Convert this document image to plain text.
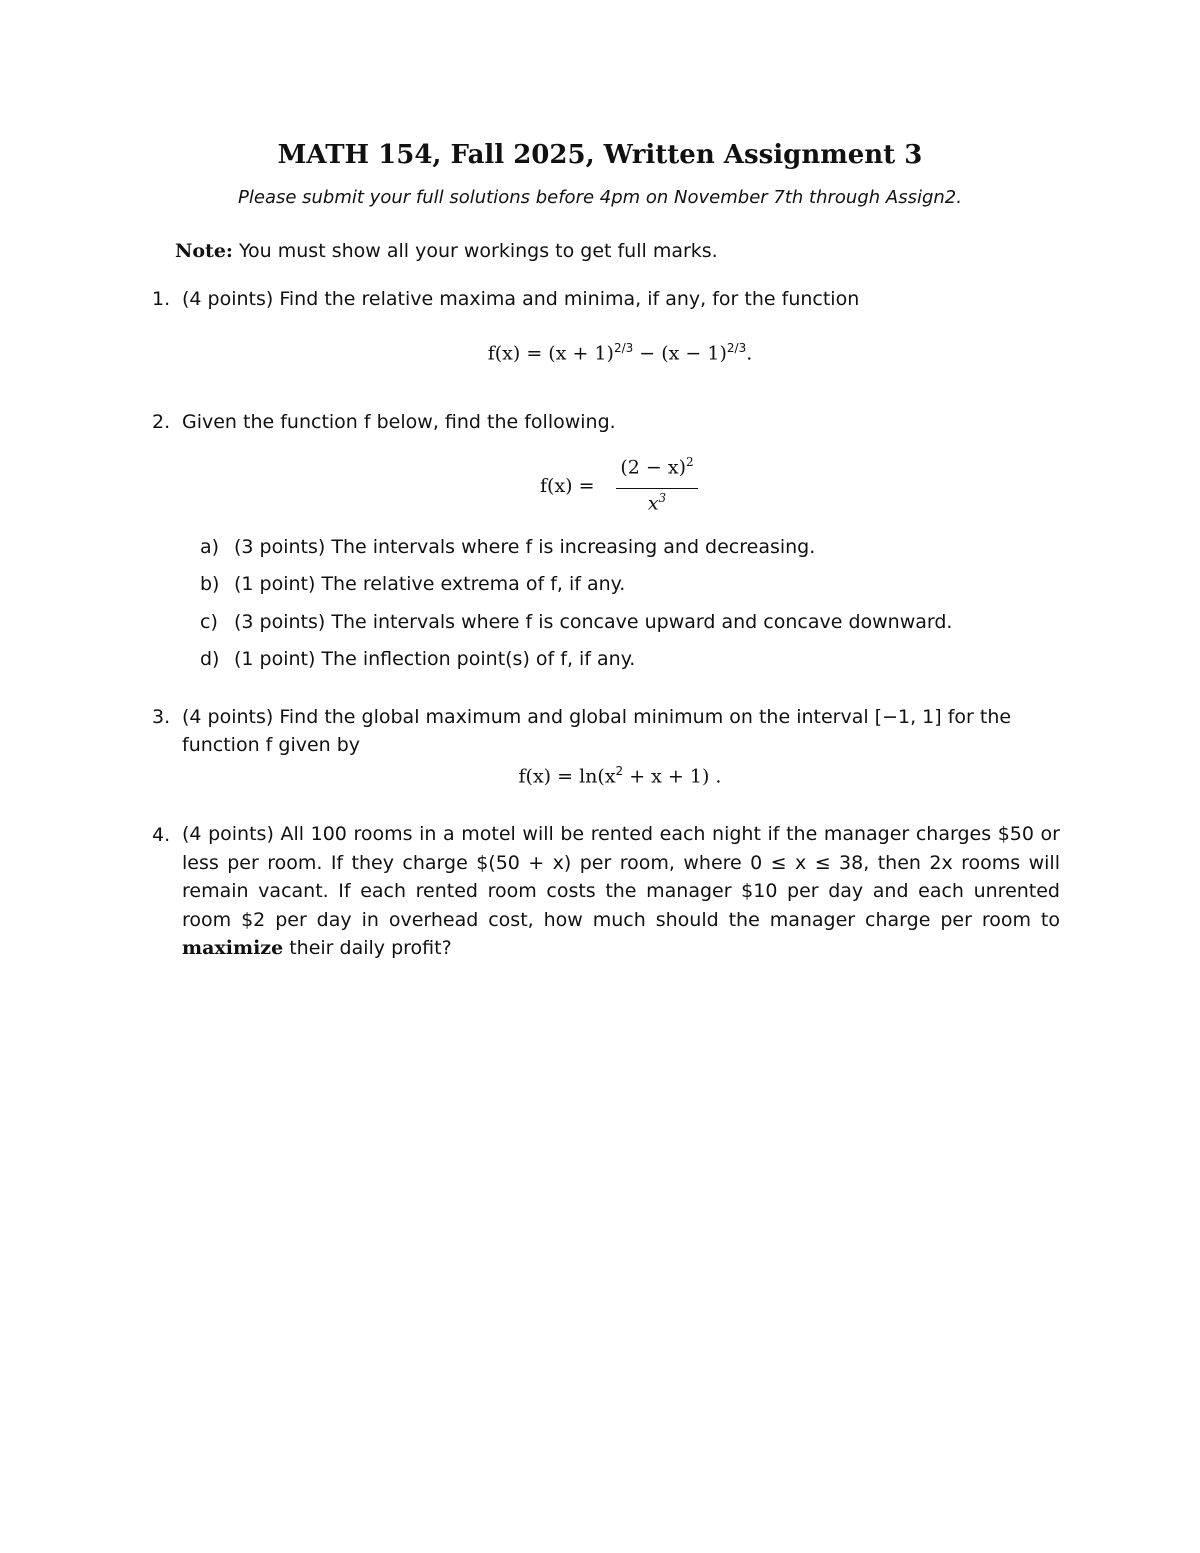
MATH 154, Fall 2025, Written Assignment 3
Please submit your full solutions before 4pm on November 7th through Assign2.
Note: You must show all your workings to get full marks.
1. (4 points) Find the relative maxima and minima, if any, for the function
$f(x) = (x + 1)^{2/3} - (x - 1)^{2/3}$.
2. Given the function f below, find the following.
f(x) =
$(2 - x)^2$
$x^3$
a) (3 points) The intervals where f is increasing and decreasing.
b) (1 point) The relative extrema of f, if any.
c) (3 points) The intervals where f is concave upward and concave downward.
d) (1 point) The inflection point(s) of f, if any.
3. (4 points) Find the global maximum and global minimum on the interval [−1, 1] for the
function f given by
$f(x) = \ln(x^2 + x + 1)$ .
4. (4 points) All 100 rooms in a motel will be rented each night if the manager charges $50 or less per room. If they charge $(50 + x) per room, where 0 ≤ x ≤ 38, then 2x rooms will remain vacant. If each rented room costs the manager $10 per day and each unrented room $2 per day in overhead cost, how much should the manager charge per room to maximize their daily profit?
